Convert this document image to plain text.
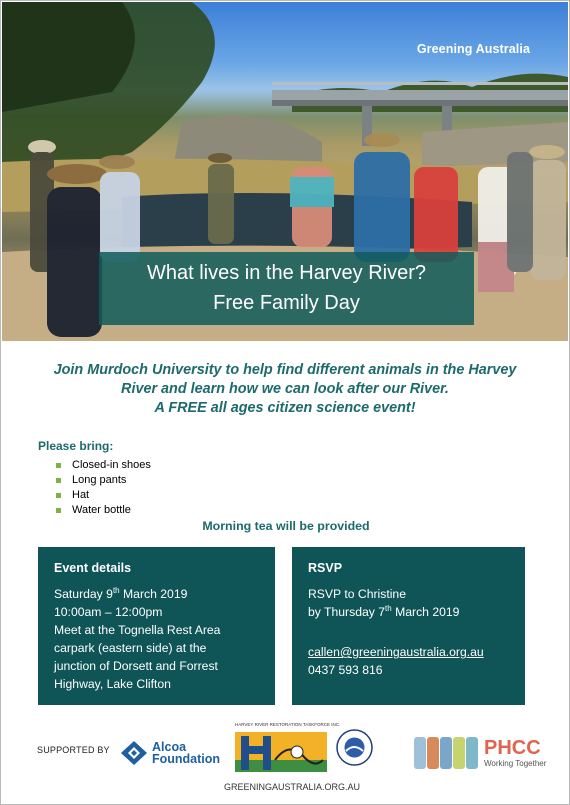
Greening Australia
What lives in the Harvey River?
Free Family Day
Join Murdoch University to help find different animals in the Harvey
River and learn how we can look after our River.
A FREE all ages citizen science event!
Please bring:
Closed-in shoes
Long pants
Hat
Water bottle
Morning tea will be provided
Event details

Saturday 9th March 2019

10:00am – 12:00pm

Meet at the Tognella Rest Area
carpark (eastern side) at the
junction of Dorsett and Forrest
Highway, Lake Clifton

RSVP

RSVP to Christine

by Thursday 7th March 2019

callen@greeningaustralia.org.au

0437 593 816

SUPPORTED BY	Alcoa
Foundation
HARVEY RIVER RESTORATION TASKFORCE INC.
GREENINGAUSTRALIA.ORG.AU
PHCC
Working Together
